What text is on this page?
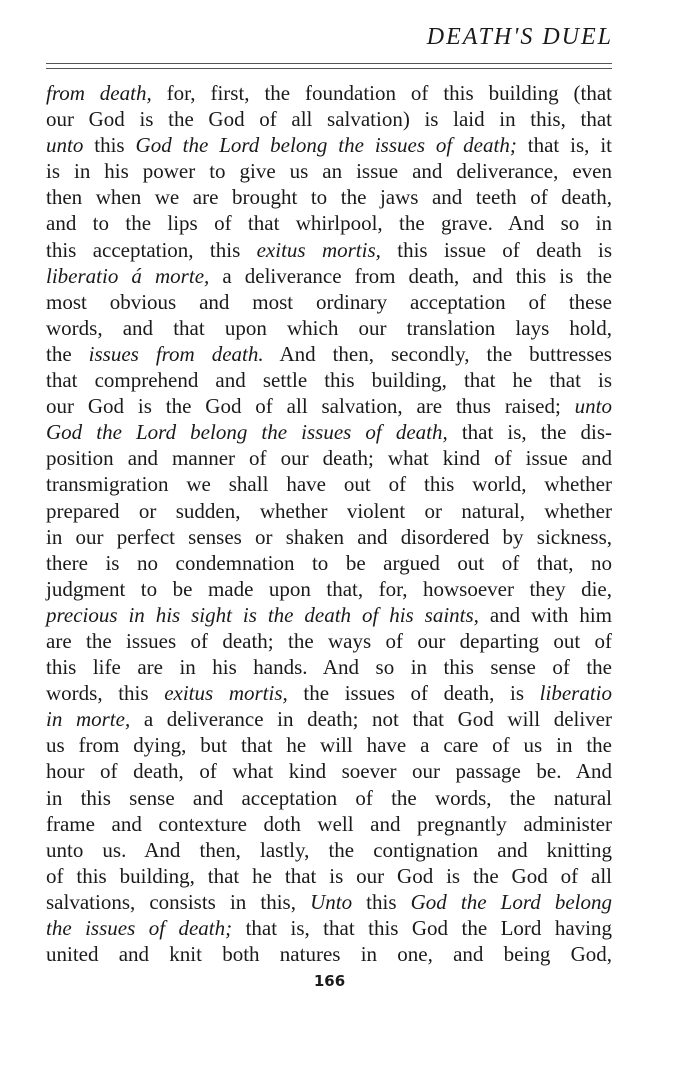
DEATH'S DUEL
from death, for, first, the foundation of this building (that
our God is the God of all salvation) is laid in this, that
unto this God the Lord belong the issues of death; that is, it
is in his power to give us an issue and deliverance, even
then when we are brought to the jaws and teeth of death,
and to the lips of that whirlpool, the grave. And so in
this acceptation, this exitus mortis, this issue of death is
liberatio á morte, a deliverance from death, and this is the
most obvious and most ordinary acceptation of these
words, and that upon which our translation lays hold,
the issues from death. And then, secondly, the buttresses
that comprehend and settle this building, that he that is
our God is the God of all salvation, are thus raised; unto
God the Lord belong the issues of death, that is, the dis-
position and manner of our death; what kind of issue and
transmigration we shall have out of this world, whether
prepared or sudden, whether violent or natural, whether
in our perfect senses or shaken and disordered by sickness,
there is no condemnation to be argued out of that, no
judgment to be made upon that, for, howsoever they die,
precious in his sight is the death of his saints, and with him
are the issues of death; the ways of our departing out of
this life are in his hands. And so in this sense of the
words, this exitus mortis, the issues of death, is liberatio
in morte, a deliverance in death; not that God will deliver
us from dying, but that he will have a care of us in the
hour of death, of what kind soever our passage be. And
in this sense and acceptation of the words, the natural
frame and contexture doth well and pregnantly administer
unto us. And then, lastly, the contignation and knitting
of this building, that he that is our God is the God of all
salvations, consists in this, Unto this God the Lord belong
the issues of death; that is, that this God the Lord having
united and knit both natures in one, and being God,
166
